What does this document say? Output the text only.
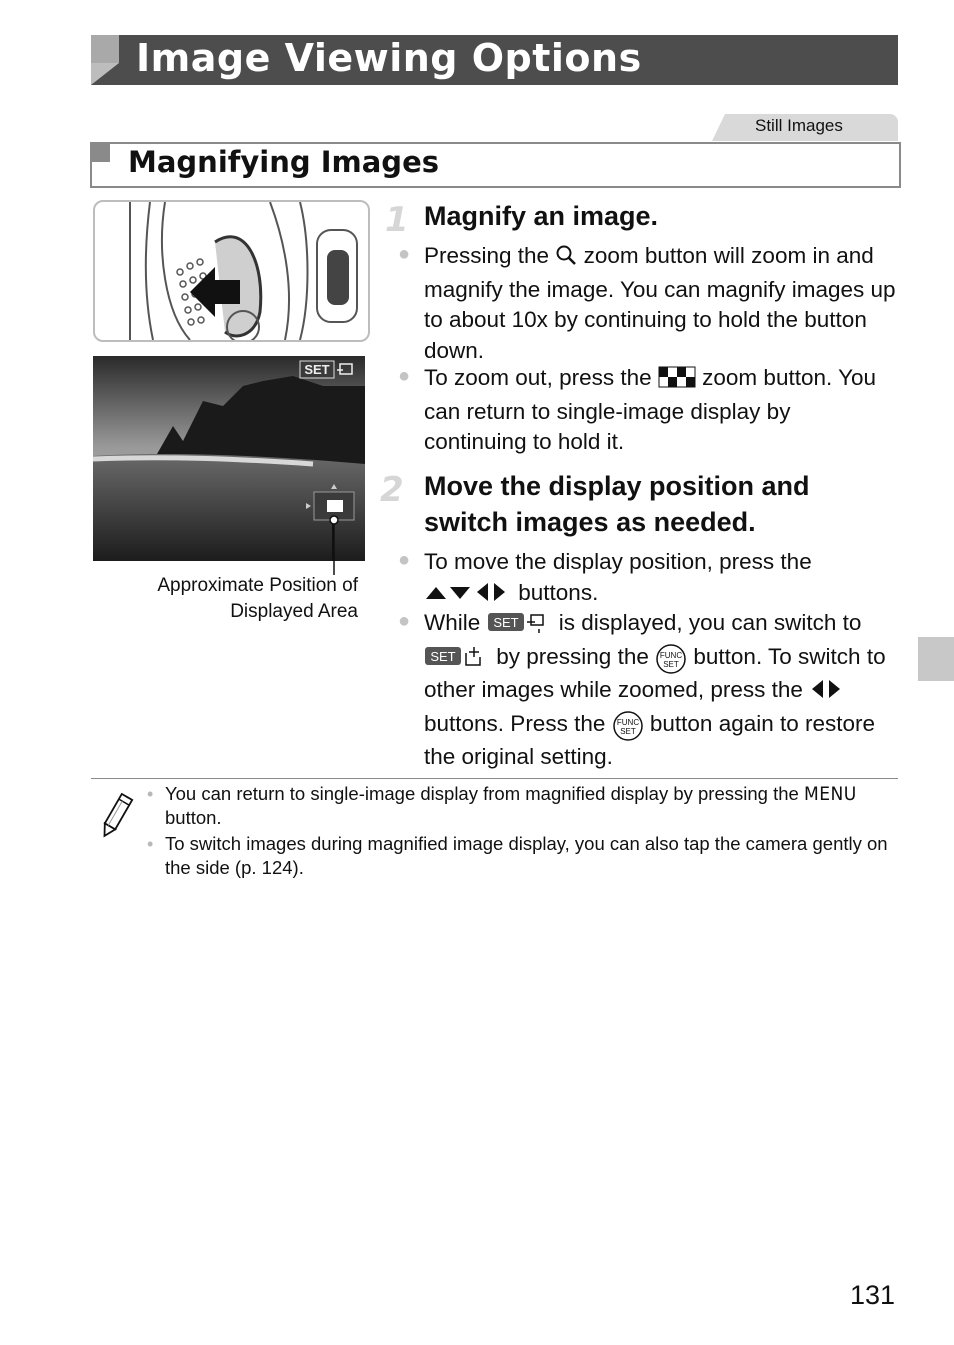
Image Viewing Options
Still Images
Magnifying Images
SET
Approximate Position of
Displayed Area
1 Magnify an image.
● Pressing the zoom button will zoom in and magnify the image. You can magnify images up to about 10x by continuing to hold the button down.
● To zoom out, press the zoom button. You can return to single-image display by continuing to hold it.
2 Move the display position and
switch images as needed.
● To move the display position, press the  buttons.
● While SET is displayed, you can switch to
SET by pressing the FUNC
SET button. To switch to other images while zoomed, press the  buttons. Press the FUNC
SET button again to restore the original setting.
• You can return to single-image display from magnified display by pressing the MENU button.
• To switch images during magnified image display, you can also tap the camera gently on the side (p. 124).
131
